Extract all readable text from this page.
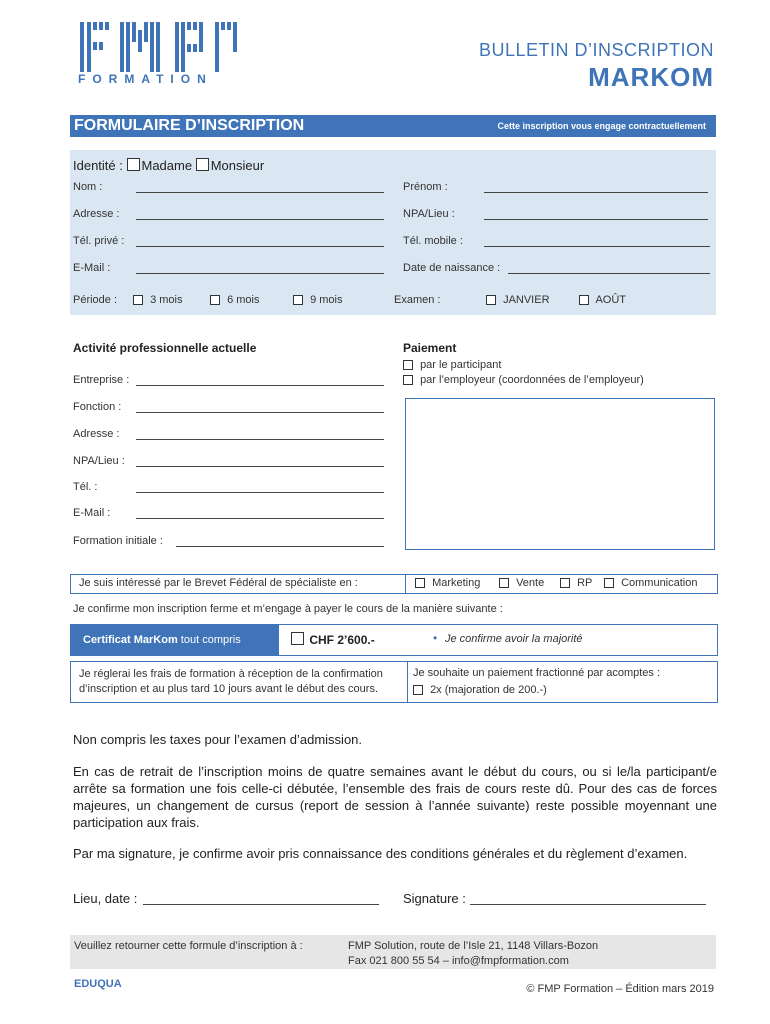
FORMATION
BULLETIN D’INSCRIPTION
MARKOM
FORMULAIRE D’INSCRIPTION	Cette inscription vous engage contractuellement
Identité : Madame Monsieur
Nom :	Prénom :
Adresse :	NPA/Lieu :
Tél. privé :	Tél. mobile :
E-Mail :	Date de naissance :
Période :	3 mois	6 mois	9 mois	Examen :	JANVIER	AOÛT
Activité professionnelle actuelle
Entreprise :
Fonction :
Adresse :
NPA/Lieu :
Tél. :
E-Mail :
Formation initiale :
Paiement
par le participant
par l’employeur (coordonnées de l’employeur)
Je suis intéressé par le Brevet Fédéral de spécialiste en :	Marketing	Vente	RP	Communication
Je confirme mon inscription ferme et m’engage à payer le cours de la manière suivante :
Certificat MarKom tout compris	CHF 2’600.-	• Je confirme avoir la majorité
Je réglerai les frais de formation à réception de la confirmation d’inscription et au plus tard 10 jours avant le début des cours.
Je souhaite un paiement fractionné par acomptes :
2x (majoration de 200.-)
Non compris les taxes pour l’examen d’admission.
En cas de retrait de l’inscription moins de quatre semaines avant le début du cours, ou si le/la participant/e arrête sa formation une fois celle-ci débutée, l’ensemble des frais de cours reste dû. Pour des cas de forces majeures, un changement de cursus (report de session à l’année suivante) reste possible moyennant une participation aux frais.
Par ma signature, je confirme avoir pris connaissance des conditions générales et du règlement d’examen.
Lieu, date :	Signature :
Veuillez retourner cette formule d’inscription à :	FMP Solution, route de l’Isle 21, 1148 Villars-Bozon
Fax 021 800 55 54 – info@fmpformation.com
EDUQUA	© FMP Formation – Édition mars 2019
